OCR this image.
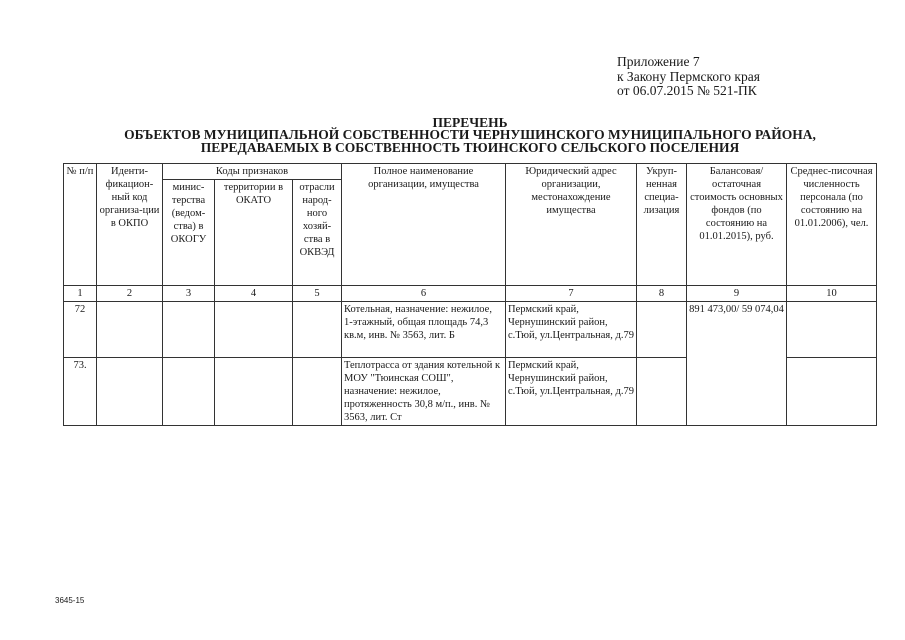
Приложение 7
к Закону Пермского края
от 06.07.2015 № 521-ПК
ПЕРЕЧЕНЬ
ОБЪЕКТОВ МУНИЦИПАЛЬНОЙ СОБСТВЕННОСТИ ЧЕРНУШИНСКОГО МУНИЦИПАЛЬНОГО РАЙОНА,
ПЕРЕДАВАЕМЫХ В СОБСТВЕННОСТЬ ТЮИНСКОГО СЕЛЬСКОГО ПОСЕЛЕНИЯ
№ п/п	Иденти-фикацион-ный код организа-ции в ОКПО	Коды признаков			Полное наименование организации, имущества	Юридический адрес организации, местонахождение имущества	Укруп-ненная специа-лизация	Балансовая/ остаточная стоимость основных фондов (по состоянию на 01.01.2015), руб.	Среднес-писочная численность персонала (по состоянию на 01.01.2006), чел.
		минис-терства (ведом-ства) в ОКОГУ	территории в ОКАТО	отрасли народ-ного хозяй-ства в ОКВЭД					
1	2	3	4	5	6	7	8	9	10
72					Котельная, назначение: нежилое, 1-этажный, общая площадь 74,3 кв.м, инв. № 3563, лит. Б	Пермский край, Чернушинский район, с.Тюй, ул.Центральная, д.79		891 473,00/ 59 074,04	
73.					Теплотрасса от здания котельной к МОУ "Тюинская СОШ", назначение: нежилое, протяженность 30,8 м/п., инв. № 3563, лит. Ст	Пермский край, Чернушинский район, с.Тюй, ул.Центральная, д.79			
3645-15
